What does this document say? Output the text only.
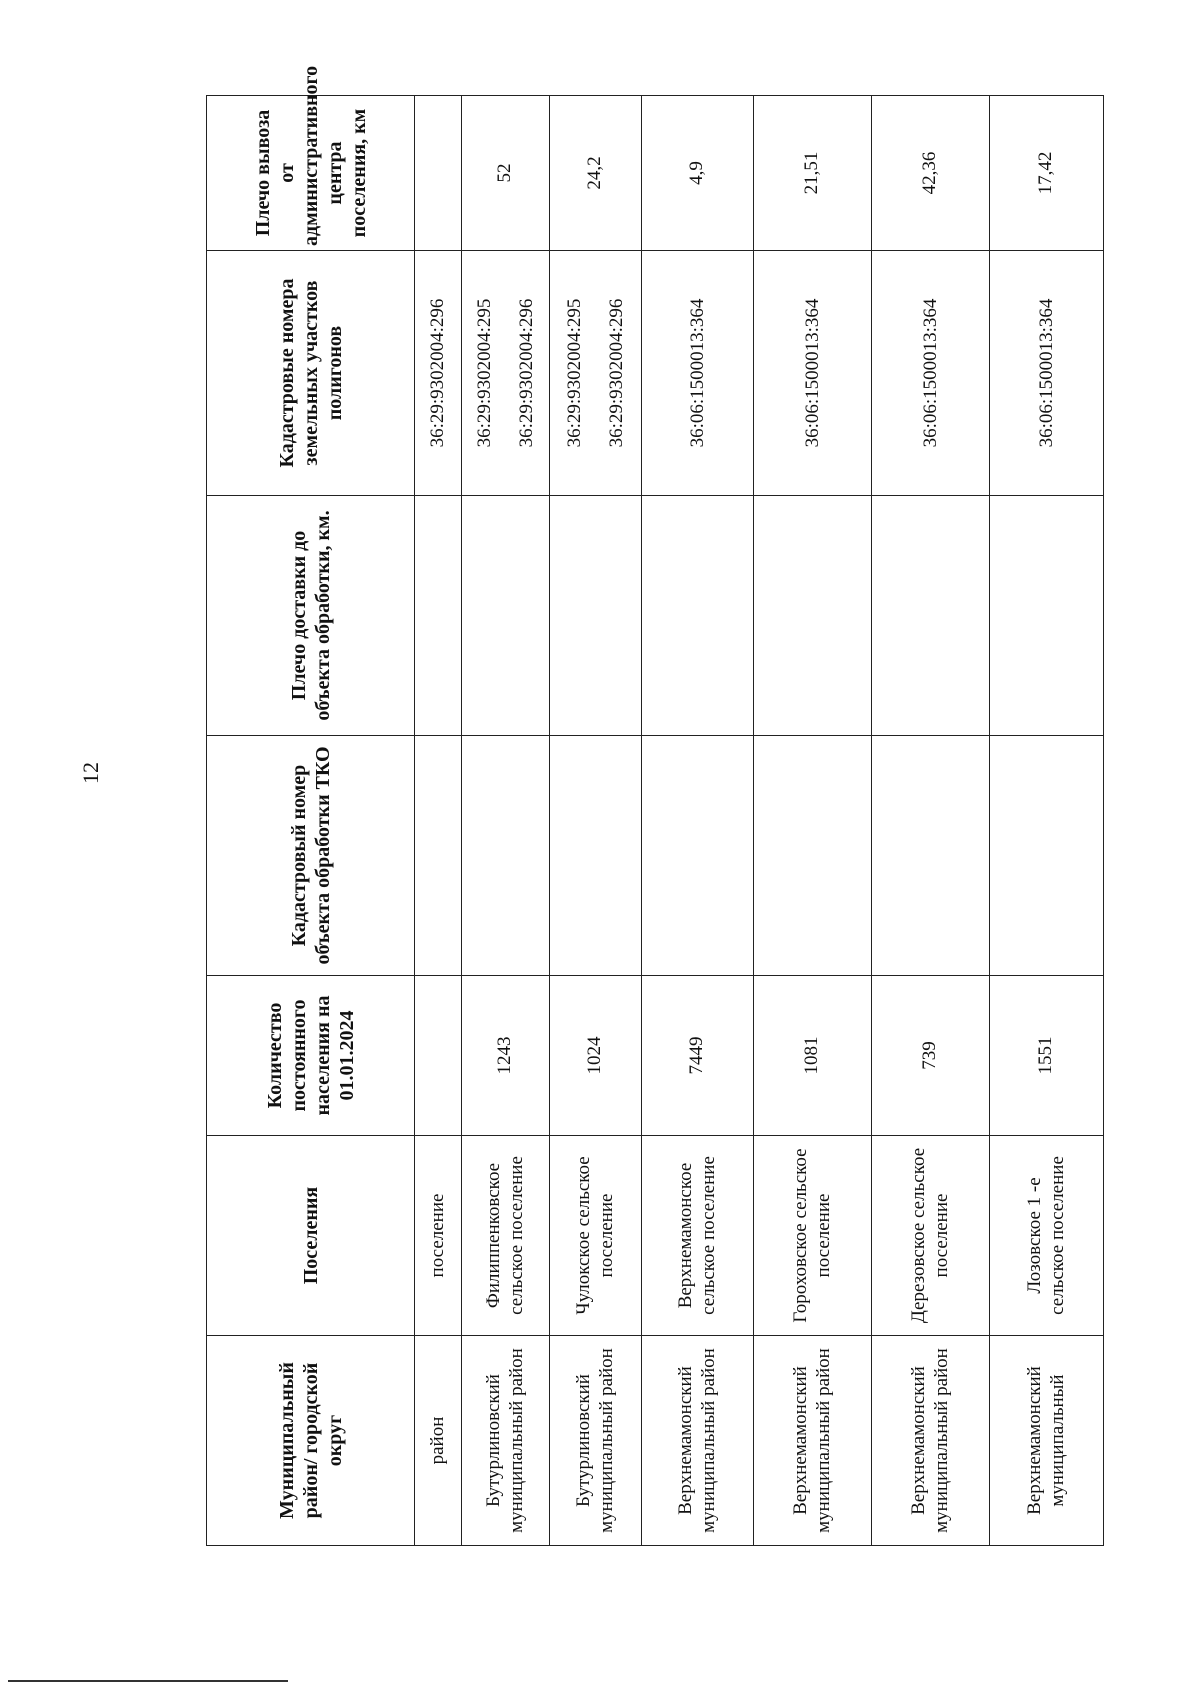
12
Муниципальный район/ городской округ	Поселения	Количество постоянного населения на 01.01.2024	Кадастровый номер объекта обработки ТКО	Плечо доставки до объекта обработки, км.	Кадастровые номера земельных участков полигонов	Плечо вывоза от административного центра поселения, км
район	поселение				36:29:9302004:296	

Бутурлиновский муниципальный район	Филиппенковское сельское поселение	1243			36:29:9302004:295 36:29:9302004:296	52
Бутурлиновский муниципальный район	Чулокское сельское поселение	1024			36:29:9302004:295 36:29:9302004:296	24,2
Верхнемамонский муниципальный район	Верхнемамонское сельское поселение	7449			36:06:1500013:364	4,9
Верхнемамонский муниципальный район	Гороховское сельское поселение	1081			36:06:1500013:364	21,51
Верхнемамонский муниципальный район	Дерезовское сельское поселение	739			36:06:1500013:364	42,36
Верхнемамонский муниципальный	Лозовское 1 -е сельское поселение	1551			36:06:1500013:364	17,42
